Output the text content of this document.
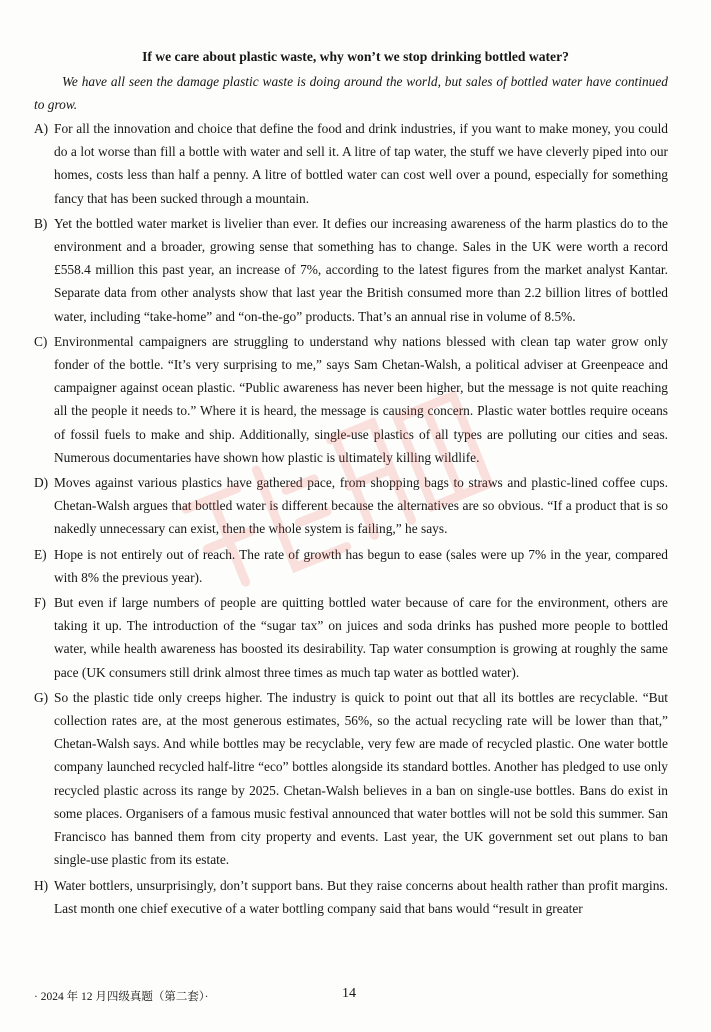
If we care about plastic waste, why won’t we stop drinking bottled water?

We have all seen the damage plastic waste is doing around the world, but sales of bottled water have continued to grow.

A) For all the innovation and choice that define the food and drink industries, if you want to make money, you could do a lot worse than fill a bottle with water and sell it. A litre of tap water, the stuff we have cleverly piped into our homes, costs less than half a penny. A litre of bottled water can cost well over a pound, especially for something fancy that has been sucked through a mountain.

B) Yet the bottled water market is livelier than ever. It defies our increasing awareness of the harm plastics do to the environment and a broader, growing sense that something has to change. Sales in the UK were worth a record £558.4 million this past year, an increase of 7%, according to the latest figures from the market analyst Kantar. Separate data from other analysts show that last year the British consumed more than 2.2 billion litres of bottled water, including “take-home” and “on-the-go” products. That’s an annual rise in volume of 8.5%.

C) Environmental campaigners are struggling to understand why nations blessed with clean tap water grow only fonder of the bottle. “It’s very surprising to me,” says Sam Chetan-Walsh, a political adviser at Greenpeace and campaigner against ocean plastic. “Public awareness has never been higher, but the message is not quite reaching all the people it needs to.” Where it is heard, the message is causing concern. Plastic water bottles require oceans of fossil fuels to make and ship. Additionally, single-use plastics of all types are polluting our cities and seas. Numerous documentaries have shown how plastic is ultimately killing wildlife.

D) Moves against various plastics have gathered pace, from shopping bags to straws and plastic-lined coffee cups. Chetan-Walsh argues that bottled water is different because the alternatives are so obvious. “If a product that is so nakedly unnecessary can exist, then the whole system is failing,” he says.

E) Hope is not entirely out of reach. The rate of growth has begun to ease (sales were up 7% in the year, compared with 8% the previous year).

F) But even if large numbers of people are quitting bottled water because of care for the environment, others are taking it up. The introduction of the “sugar tax” on juices and soda drinks has pushed more people to bottled water, while health awareness has boosted its desirability. Tap water consumption is growing at roughly the same pace (UK consumers still drink almost three times as much tap water as bottled water).

G) So the plastic tide only creeps higher. The industry is quick to point out that all its bottles are recyclable. “But collection rates are, at the most generous estimates, 56%, so the actual recycling rate will be lower than that,” Chetan-Walsh says. And while bottles may be recyclable, very few are made of recycled plastic. One water bottle company launched recycled half-litre “eco” bottles alongside its standard bottles. Another has pledged to use only recycled plastic across its range by 2025. Chetan-Walsh believes in a ban on single-use bottles. Bans do exist in some places. Organisers of a famous music festival announced that water bottles will not be sold this summer. San Francisco has banned them from city property and events. Last year, the UK government set out plans to ban single-use plastic from its estate.

H) Water bottlers, unsurprisingly, don’t support bans. But they raise concerns about health rather than profit margins. Last month one chief executive of a water bottling company said that bans would “result in greater

· 2024 年 12 月四级真题（第二套）·	14
